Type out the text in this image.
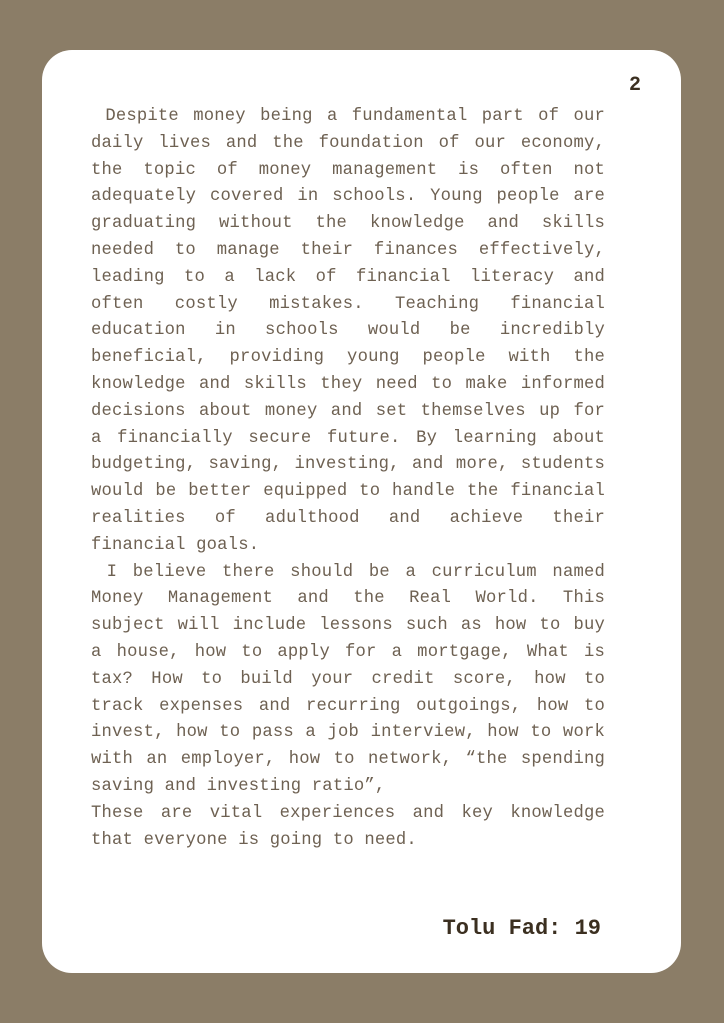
2

Despite money being a fundamental part of our daily lives and the foundation of our economy, the topic of money management is often not adequately covered in schools. Young people are graduating without the knowledge and skills needed to manage their finances effectively, leading to a lack of financial literacy and often costly mistakes. Teaching financial education in schools would be incredibly beneficial, providing young people with the knowledge and skills they need to make informed decisions about money and set themselves up for a financially secure future. By learning about budgeting, saving, investing, and more, students would be better equipped to handle the financial realities of adulthood and achieve their financial goals.

I believe there should be a curriculum named Money Management and the Real World. This subject will include lessons such as how to buy a house, how to apply for a mortgage, What is tax? How to build your credit score, how to track expenses and recurring outgoings, how to invest, how to pass a job interview, how to work with an employer, how to network, “the spending saving and investing ratio”,

These are vital experiences and key knowledge that everyone is going to need.

Tolu Fad: 19
